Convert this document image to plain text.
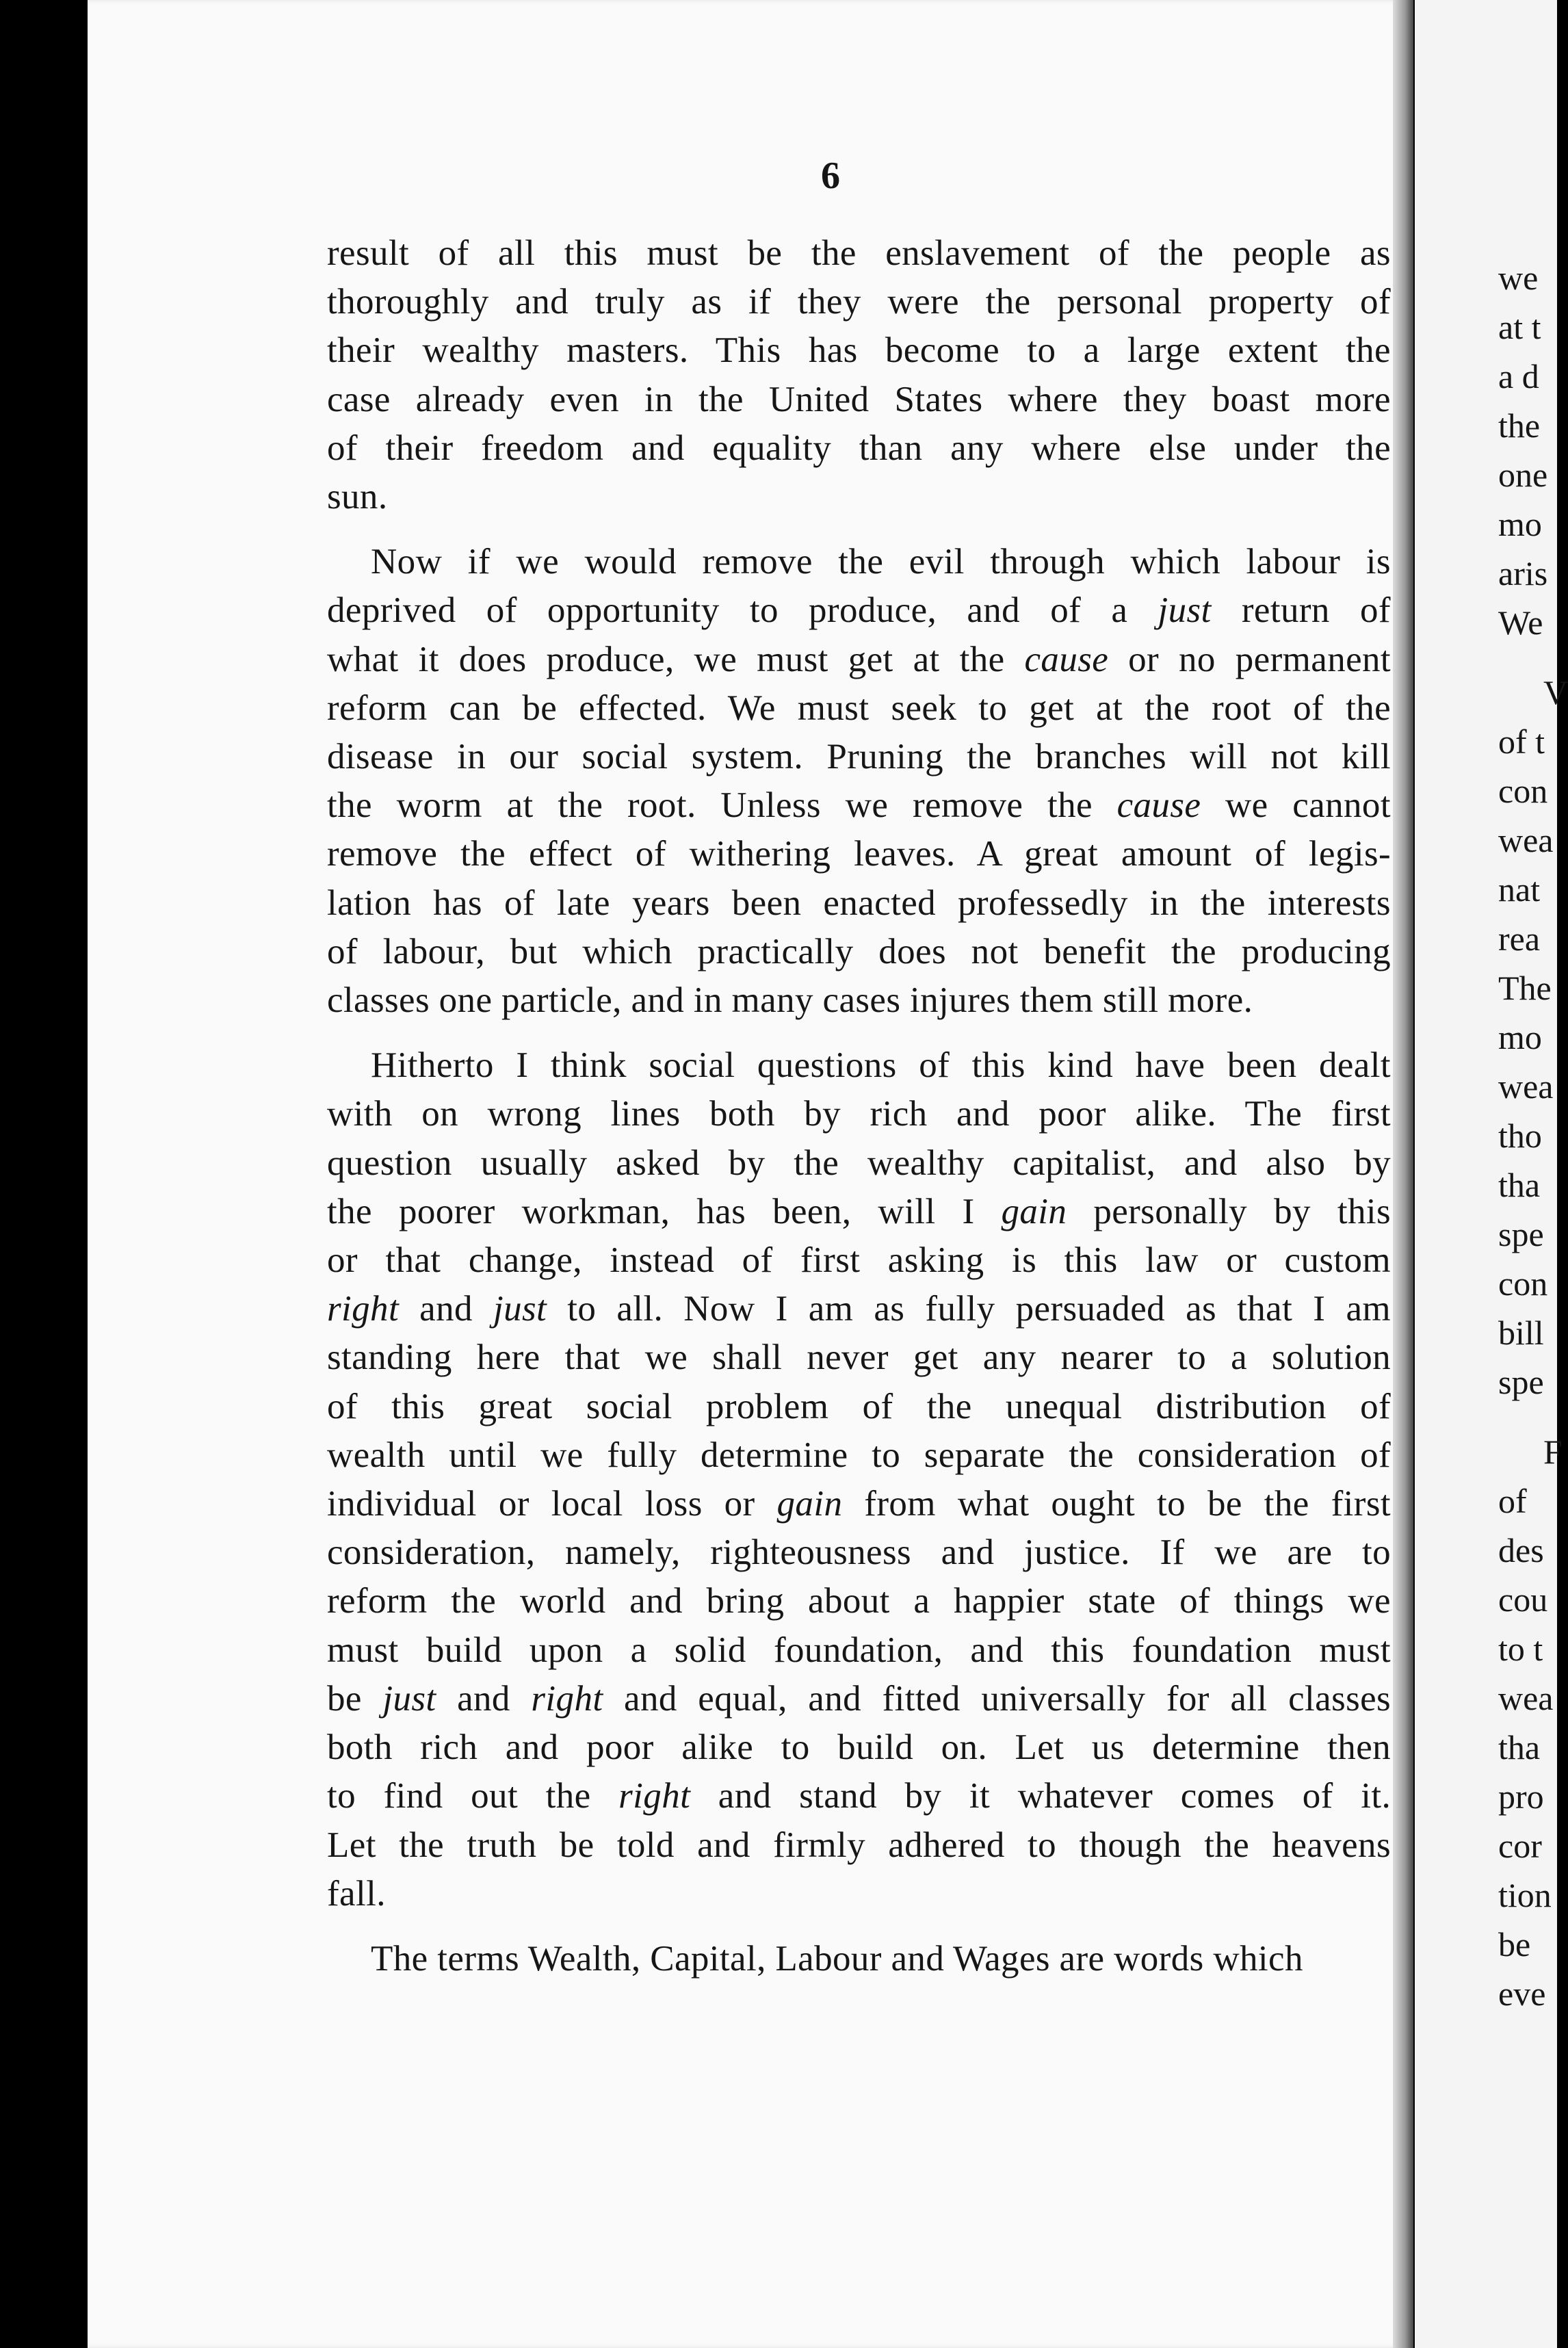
6

result of all this must be the enslavement of the people as
thoroughly and truly as if they were the personal property of
their wealthy masters. This has become to a large extent the
case already even in the United States where they boast more
of their freedom and equality than any where else under the
sun.

Now if we would remove the evil through which labour is
deprived of opportunity to produce, and of a just return of
what it does produce, we must get at the cause or no permanent
reform can be effected. We must seek to get at the root of the
disease in our social system. Pruning the branches will not kill
the worm at the root. Unless we remove the cause we cannot
remove the effect of withering leaves. A great amount of legis-
lation has of late years been enacted professedly in the interests
of labour, but which practically does not benefit the producing
classes one particle, and in many cases injures them still more.

Hitherto I think social questions of this kind have been dealt
with on wrong lines both by rich and poor alike. The first
question usually asked by the wealthy capitalist, and also by
the poorer workman, has been, will I gain personally by this
or that change, instead of first asking is this law or custom
right and just to all. Now I am as fully persuaded as that I am
standing here that we shall never get any nearer to a solution
of this great social problem of the unequal distribution of
wealth until we fully determine to separate the consideration of
individual or local loss or gain from what ought to be the first
consideration, namely, righteousness and justice. If we are to
reform the world and bring about a happier state of things we
must build upon a solid foundation, and this foundation must
be just and right and equal, and fitted universally for all classes
both rich and poor alike to build on. Let us determine then
to find out the right and stand by it whatever comes of it.
Let the truth be told and firmly adhered to though the heavens
fall.

The terms Wealth, Capital, Labour and Wages are words which

we
at t
a d
the
one
mo
aris
We
V
of t
con
wea
nat
rea
The
mo
wea
tho
tha
spe
con
bill
spe
F
of
des
cou
to t
wea
tha
pro
cor
tion
be
eve
